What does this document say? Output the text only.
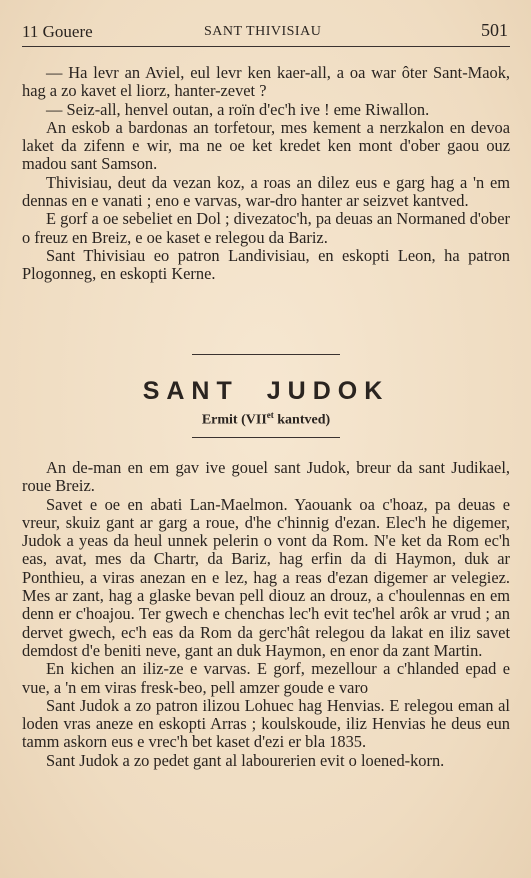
11 Gouere	SANT THIVISIAU	501

— Ha levr an Aviel, eul levr ken kaer-all, a oa war ôter Sant-Maok, hag a zo kavet el liorz, hanter-zevet ?

— Seiz-all, henvel outan, a roïn d'ec'h ive ! eme Riwallon.

An eskob a bardonas an torfetour, mes kement a nerzkalon en devoa laket da zifenn e wir, ma ne oe ket kredet ken mont d'ober gaou ouz madou sant Samson.

Thivisiau, deut da vezan koz, a roas an dilez eus e garg hag a 'n em dennas en e vanati ; eno e varvas, war-dro hanter ar seizvet kantved.

E gorf a oe sebeliet en Dol ; divezatoc'h, pa deuas an Normaned d'ober o freuz en Breiz, e oe kaset e relegou da Bariz.

Sant Thivisiau eo patron Landivisiau, en eskopti Leon, ha patron Plogonneg, en eskopti Kerne.

SANT JUDOK
Ermit ($VII^{et}$ kantved)

An de-man en em gav ive gouel sant Judok, breur da sant Judikael, roue Breiz.

Savet e oe en abati Lan-Maelmon. Yaouank oa c'hoaz, pa deuas e vreur, skuiz gant ar garg a roue, d'he c'hinnig d'ezan. Elec'h he digemer, Judok a yeas da heul unnek pelerin o vont da Rom. N'e ket da Rom ec'h eas, avat, mes da Chartr, da Bariz, hag erfin da di Haymon, duk ar Ponthieu, a viras anezan en e lez, hag a reas d'ezan digemer ar velegiez. Mes ar zant, hag a glaske bevan pell diouz an drouz, a c'houlennas en em denn er c'hoajou. Ter gwech e chenchas lec'h evit tec'hel arôk ar vrud ; an dervet gwech, ec'h eas da Rom da gerc'hât relegou da lakat en iliz savet demdost d'e beniti neve, gant an duk Haymon, en enor da zant Martin.

En kichen an iliz-ze e varvas. E gorf, mezellour a c'hlanded epad e vue, a 'n em viras fresk-beo, pell amzer goude e varo

Sant Judok a zo patron ilizou Lohuec hag Henvias. E relegou eman al loden vras aneze en eskopti Arras ; koulskoude, iliz Henvias he deus eun tamm askorn eus e vrec'h bet kaset d'ezi er bla 1835.

Sant Judok a zo pedet gant al labourerien evit o loened-korn.
